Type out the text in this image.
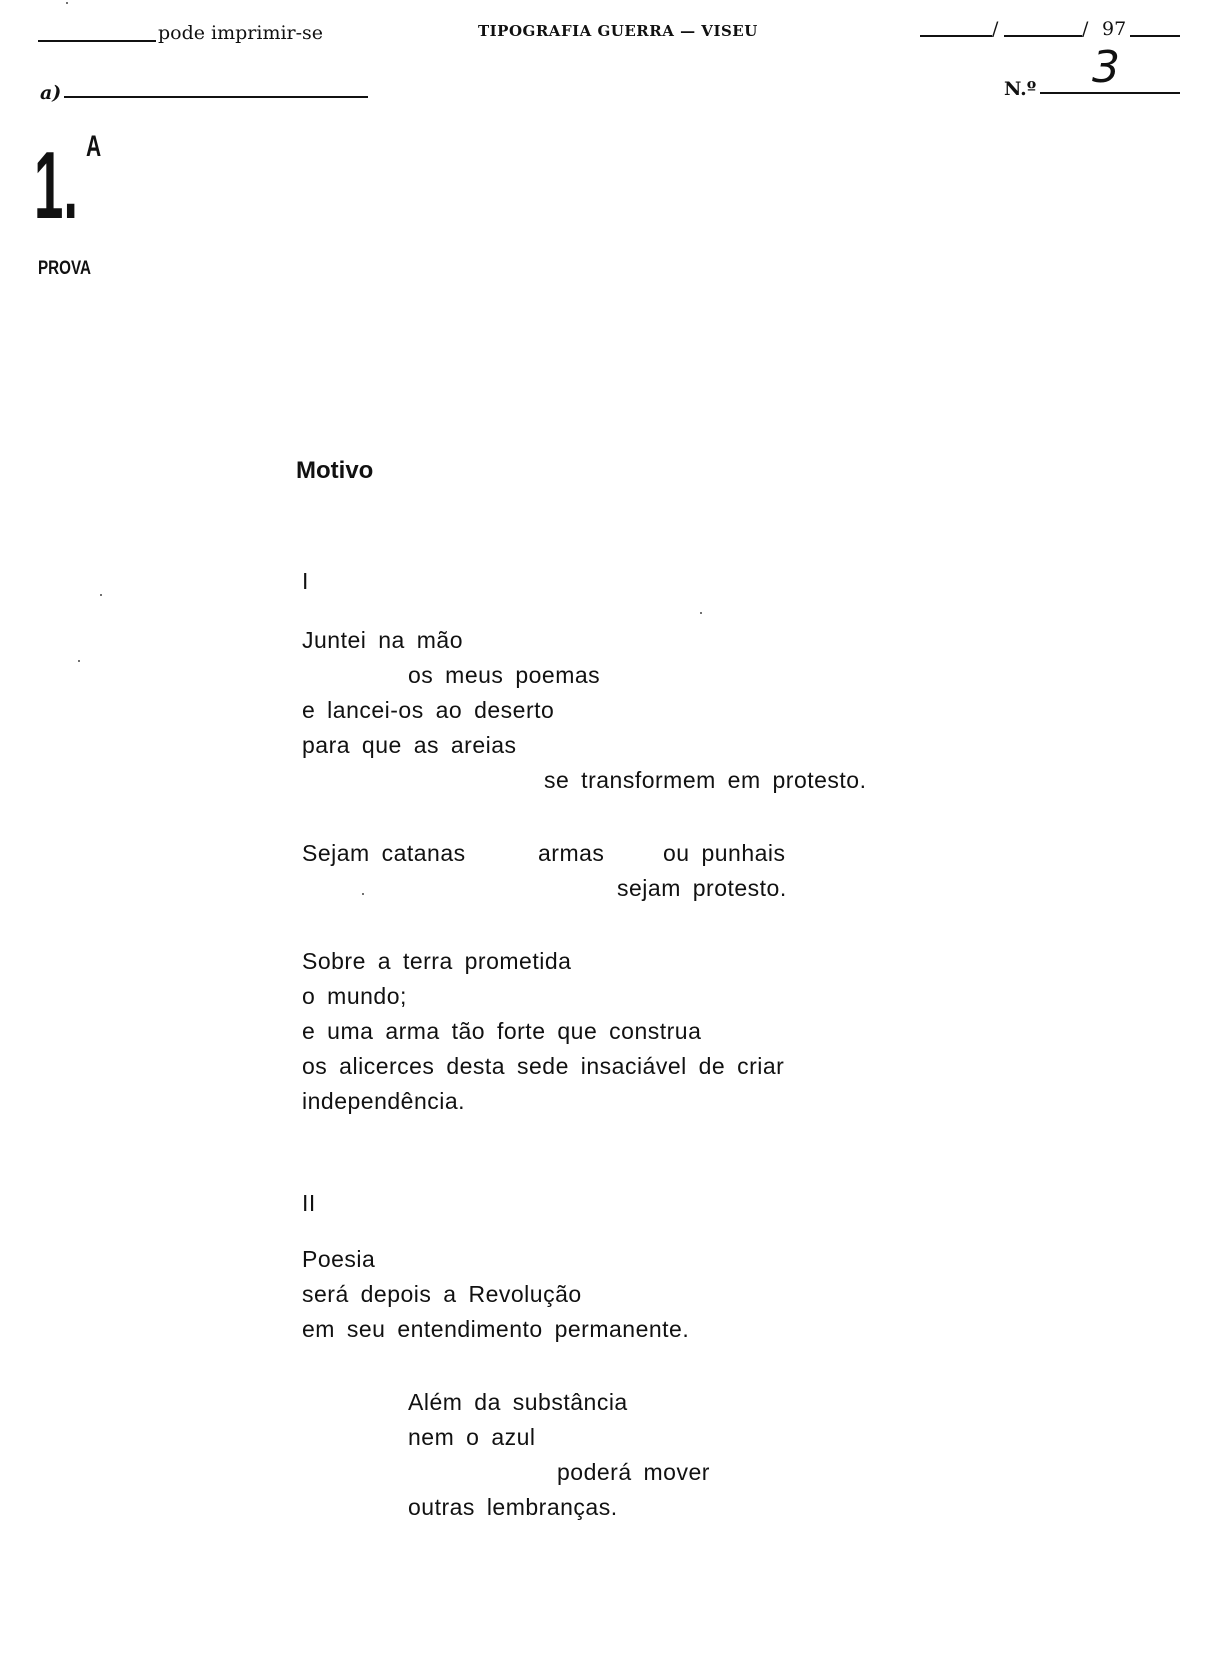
pode imprimir-se	TIPOGRAFIA GUERRA — VISEU	/	/ 97
a)	N.º 3
1. A
PROVA
Motivo
I
Juntei na mão
os meus poemas
e lancei-os ao deserto
para que as areias
se transformem em protesto.
Sejam catanas	armas	ou punhais
sejam protesto.
Sobre a terra prometida
o mundo;
e uma arma tão forte que construa
os alicerces desta sede insaciável de criar
independência.
II
Poesia
será depois a Revolução
em seu entendimento permanente.
Além da substância
nem o azul
poderá mover
outras lembranças.
